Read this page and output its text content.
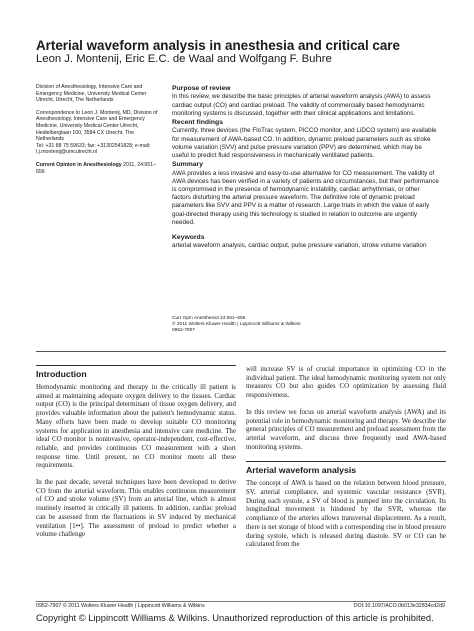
Arterial waveform analysis in anesthesia and critical care
Leon J. Montenij, Eric E.C. de Waal and Wolfgang F. Buhre

Division of Anesthesiology, Intensive Care and Emergency Medicine, University Medical Center Utrecht, Utrecht, The Netherlands

Correspondence to Leon J. Montenij, MD, Division of Anesthesiology, Intensive Care and Emergency Medicine, University Medical Center Utrecht, Heidelberglaan 100, 3584 CX Utrecht, The Netherlands

Tel: +31 88 75 59633; fax: +31302541828; e-mail: l.j.montenij@umcutrecht.nl

Current Opinion in Anesthesiology 2011, 24:651–656

Purpose of review

In this review, we describe the basic principles of arterial waveform analysis (AWA) to assess cardiac output (CO) and cardiac preload. The validity of commercially based hemodynamic monitoring systems is discussed, together with their clinical applications and limitations.

Recent findings

Currently, three devices (the FloTrac system, PiCCO monitor, and LiDCO system) are available for measurement of AWA-based CO. In addition, dynamic preload parameters such as stroke volume variation (SVV) and pulse pressure variation (PPV) are determined, which may be useful to predict fluid responsiveness in mechanically ventilated patients.

Summary

AWA provides a less invasive and easy-to-use alternative for CO measurement. The validity of AWA devices has been verified in a variety of patients and circumstances, but their performance is compromised in the presence of hemodynamic instability, cardiac arrhythmias, or other factors disturbing the arterial pressure waveform. The definitive role of dynamic preload parameters like SVV and PPV is a matter of research. Large trials in which the value of early goal-directed therapy using this technology is studied in relation to outcome are urgently needed.

Keywords

arterial waveform analysis, cardiac output, pulse pressure variation, stroke volume variation

Curr Opin Anesthesiol 24:651–656
© 2011 Wolters Kluwer Health | Lippincott Williams & Wilkins
0952-7907
Introduction

Hemodynamic monitoring and therapy in the critically ill patient is aimed at maintaining adequate oxygen delivery to the tissues. Cardiac output (CO) is the principal determinant of tissue oxygen delivery, and provides valuable information about the patient's hemodynamic status. Many efforts have been made to develop suitable CO monitoring systems for application in anesthesia and intensive care medicine. The ideal CO monitor is noninvasive, operator-independent, cost-effective, reliable, and provides continuous CO measurement with a short response time. Until present, no CO monitor meets all these requirements.

In the past decade, several techniques have been developed to derive CO from the arterial waveform. This enables continuous measurement of CO and stroke volume (SV) from an arterial line, which is almost routinely inserted in critically ill patients. In addition, cardiac preload can be assessed from the fluctuations in SV induced by mechanical ventilation [1••]. The assessment of preload to predict whether a volume challenge

will increase SV is of crucial importance in optimizing CO in the individual patient. The ideal hemodynamic monitoring system not only measures CO but also guides CO optimization by assessing fluid responsiveness.

In this review we focus on arterial waveform analysis (AWA) and its potential role in hemodynamic monitoring and therapy. We describe the general principles of CO measurement and preload assessment from the arterial waveform, and discuss three frequently used AWA-based monitoring systems.

Arterial waveform analysis

The concept of AWA is based on the relation between blood pressure, SV, arterial compliance, and systemic vascular resistance (SVR). During each systole, a SV of blood is pumped into the circulation. Its longitudinal movement is hindered by the SVR, whereas the compliance of the arteries allows transversal displacement. As a result, there is net storage of blood with a corresponding rise in blood pressure during systole, which is released during diastole. SV or CO can be calculated from the

0952-7907 © 2011 Wolters Kluwer Health | Lippincott Williams & Wilkins	DOI:10.1097/ACO.0b013e32834cd2d9
Copyright © Lippincott Williams & Wilkins. Unauthorized reproduction of this article is prohibited.
